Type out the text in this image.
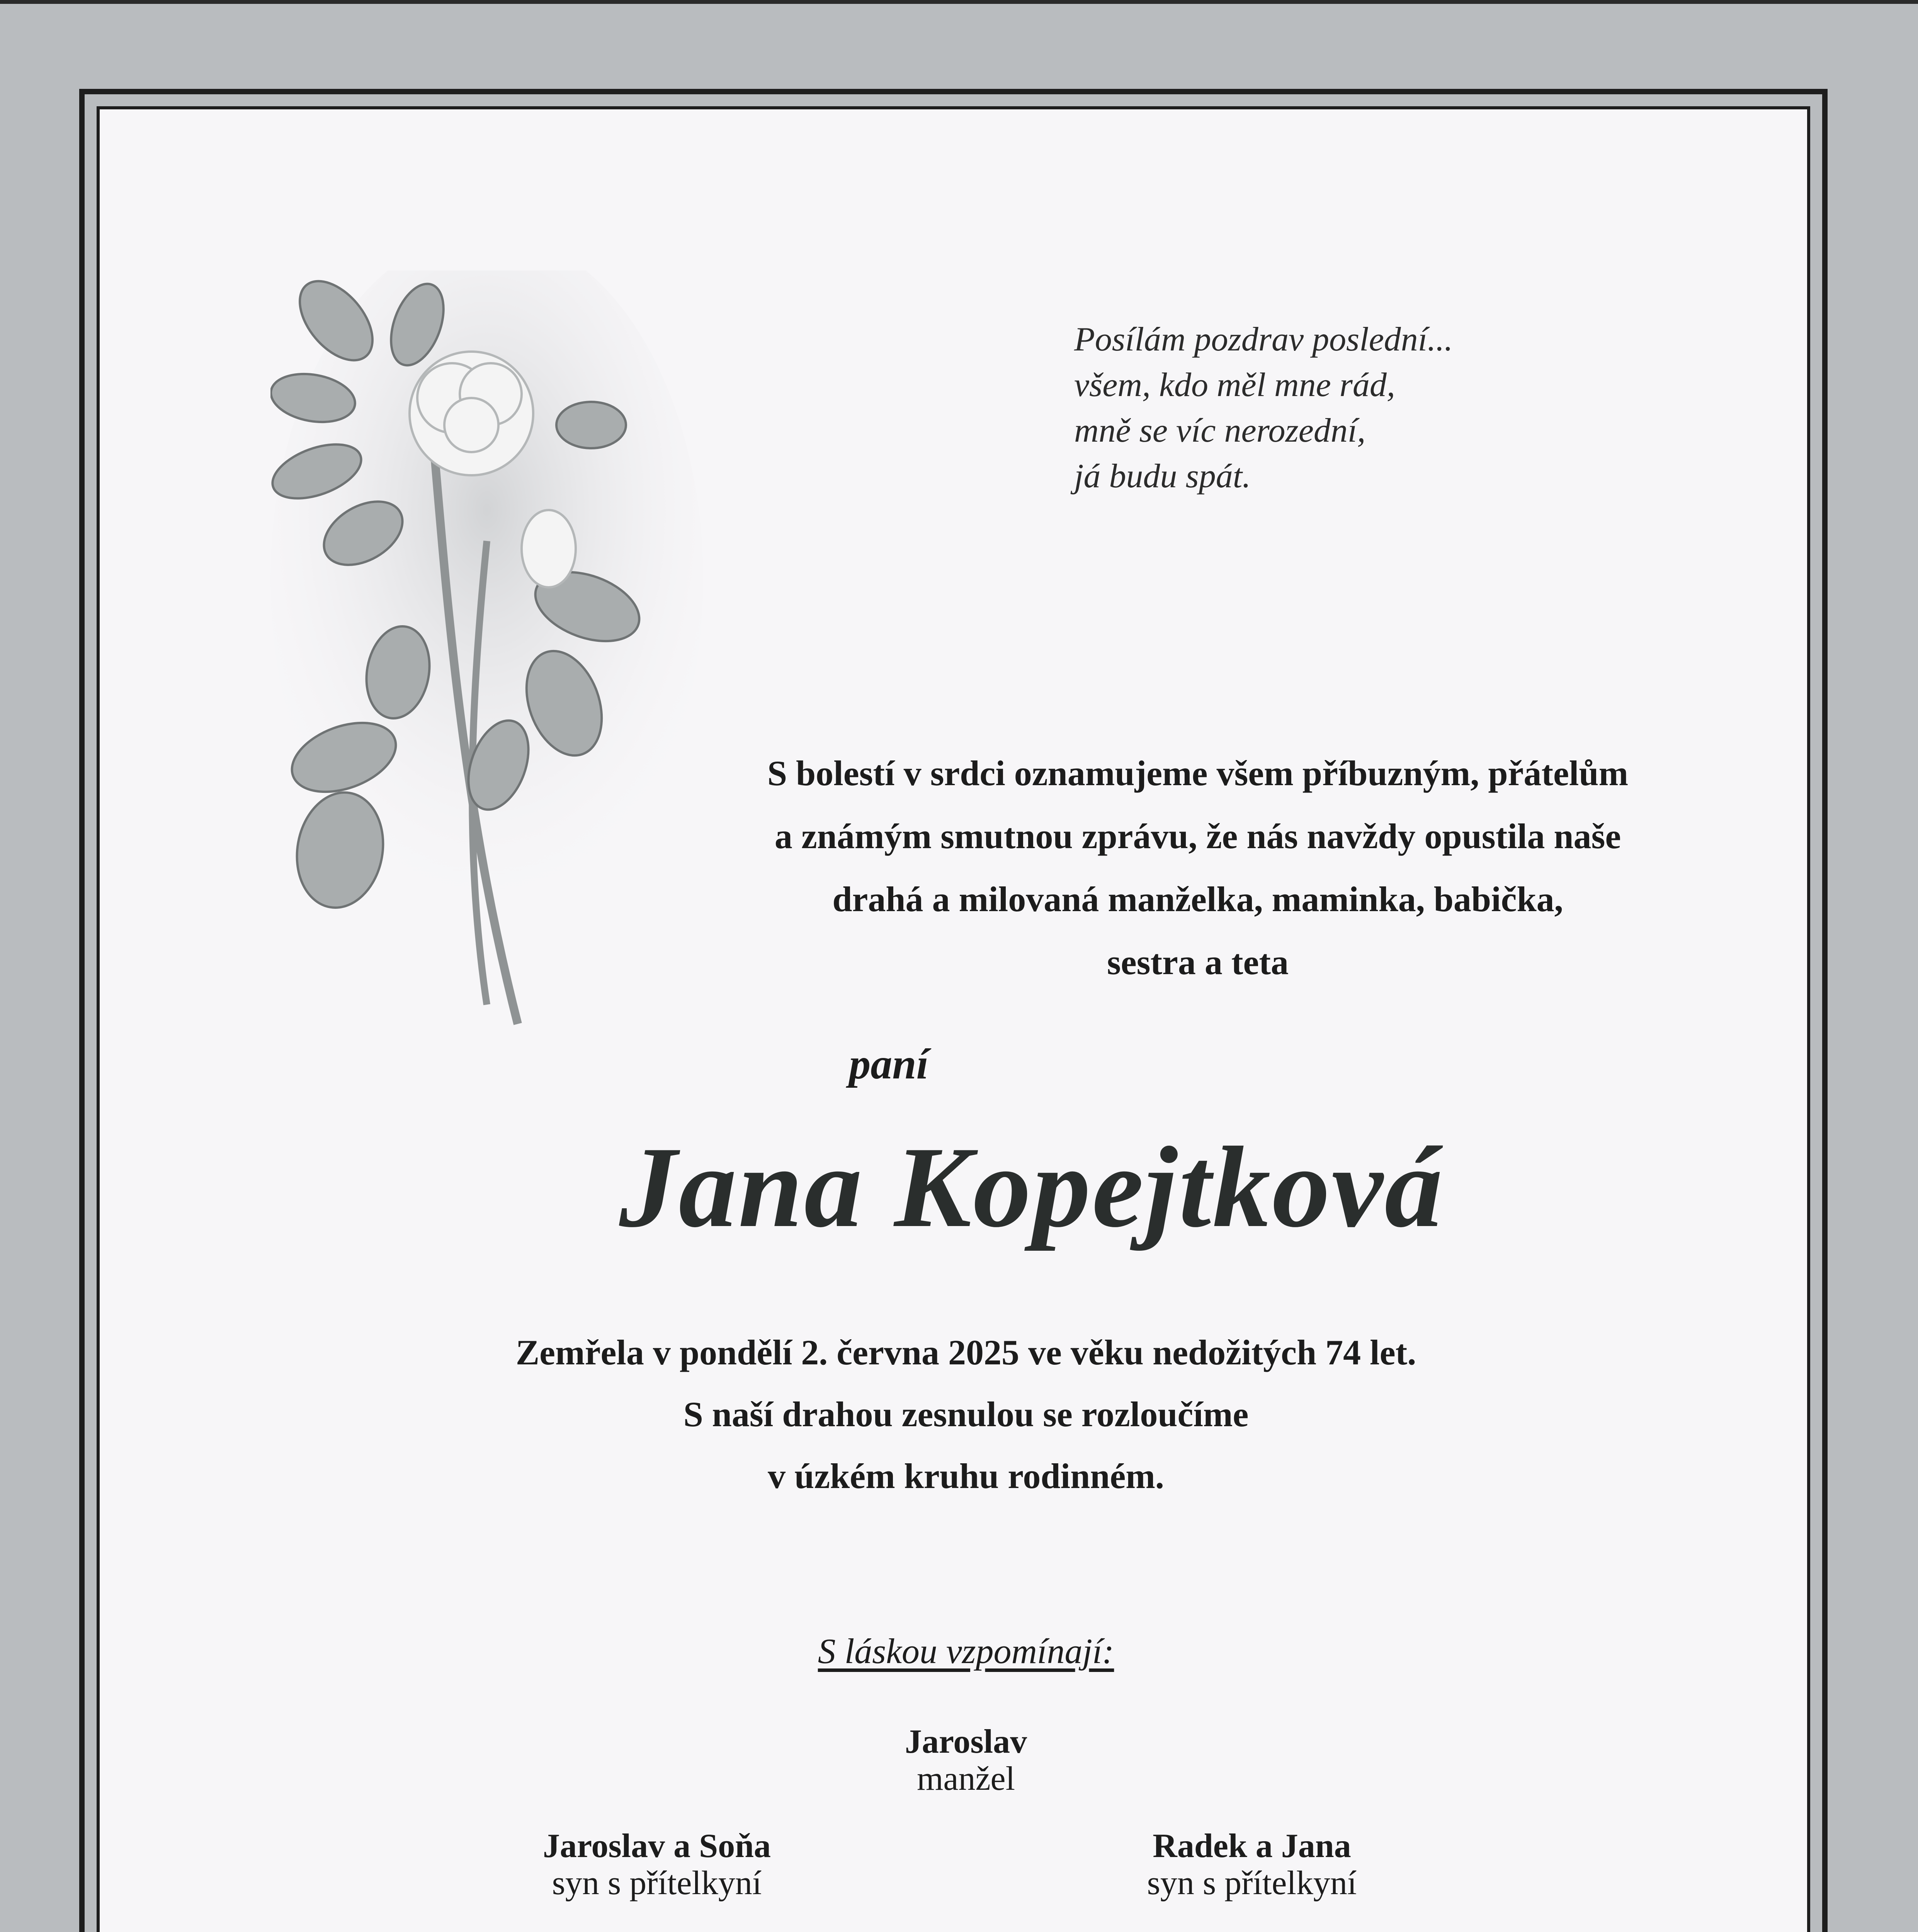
Posílám pozdrav poslední...
všem, kdo měl mne rád,
mně se víc nerozední,
já budu spát.
S bolestí v srdci oznamujeme všem příbuzným, přátelům
a známým smutnou zprávu, že nás navždy opustila naše
drahá a milovaná manželka, maminka, babička,
sestra a teta
paní
Jana Kopejtková
Zemřela v pondělí 2. června 2025 ve věku nedožitých 74 let.
S naší drahou zesnulou se rozloučíme
v úzkém kruhu rodinném.
S láskou vzpomínají:
Jaroslav
manžel
Jaroslav a Soňa
syn s přítelkyní
Radek a Jana
syn s přítelkyní
